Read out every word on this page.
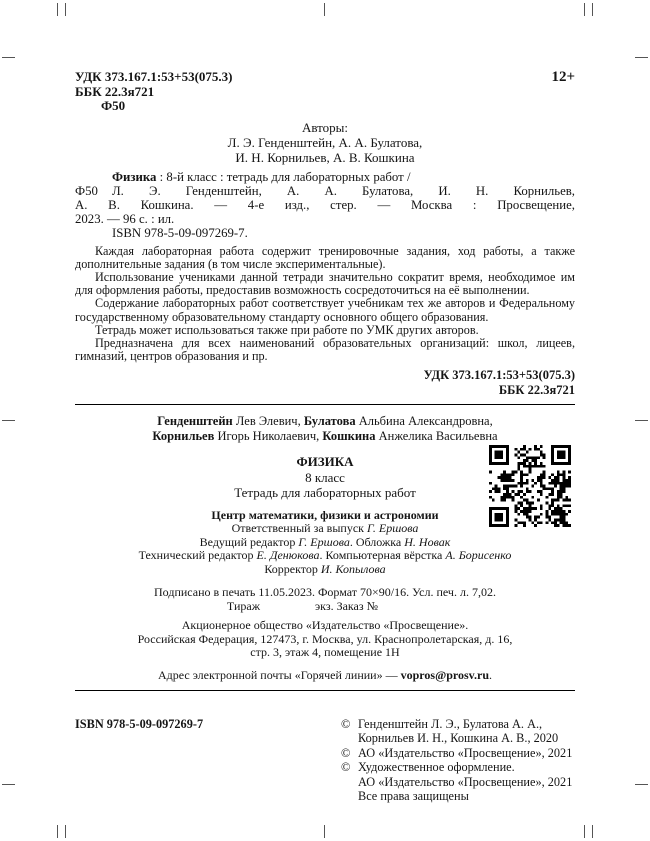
УДК 373.167.1:53+53(075.3)
ББК 22.3я721
Ф50
12+
Авторы:
Л. Э. Генденштейн, А. А. Булатова,
И. Н. Корнильев, А. В. Кошкина
Физика : 8-й класс : тетрадь для лабораторных работ /
Ф50 Л. Э. Генденштейн, А. А. Булатова, И. Н. Корнильев,
А. В. Кошкина. — 4-е изд., стер. — Москва : Просвещение,
2023. — 96 с. : ил.
ISBN 978-5-09-097269-7.

Каждая лабораторная работа содержит тренировочные задания, ход работы, а также дополнительные задания (в том числе экспериментальные).

Использование учениками данной тетради значительно сократит время, необходимое им для оформления работы, предоставив возможность сосредоточиться на её выполнении.

Содержание лабораторных работ соответствует учебникам тех же авторов и Федеральному государственному образовательному стандарту основного общего образования.

Тетрадь может использоваться также при работе по УМК других авторов.

Предназначена для всех наименований образовательных организаций: школ, лицеев, гимназий, центров образования и пр.

УДК 373.167.1:53+53(075.3)
ББК 22.3я721
Генденштейн Лев Элевич, Булатова Альбина Александровна,
Корнильев Игорь Николаевич, Кошкина Анжелика Васильевна
ФИЗИКА
8 класс
Тетрадь для лабораторных работ
Центр математики, физики и астрономии
Ответственный за выпуск Г. Ершова
Ведущий редактор Г. Ершова. Обложка Н. Новак
Технический редактор Е. Денюкова. Компьютерная вёрстка А. Борисенко
Корректор И. Копылова
Подписано в печать 11.05.2023. Формат 70×90/16. Усл. печ. л. 7,02.
Тираж	экз. Заказ №
Акционерное общество «Издательство «Просвещение».
Российская Федерация, 127473, г. Москва, ул. Краснопролетарская, д. 16,
стр. 3, этаж 4, помещение 1Н
Адрес электронной почты «Горячей линии» — vopros@prosv.ru.
ISBN 978-5-09-097269-7	© Генденштейн Л. Э., Булатова А. А.,
Корнильев И. Н., Кошкина А. В., 2020
© АО «Издательство «Просвещение», 2021
© Художественное оформление.
АО «Издательство «Просвещение», 2021
Все права защищены
